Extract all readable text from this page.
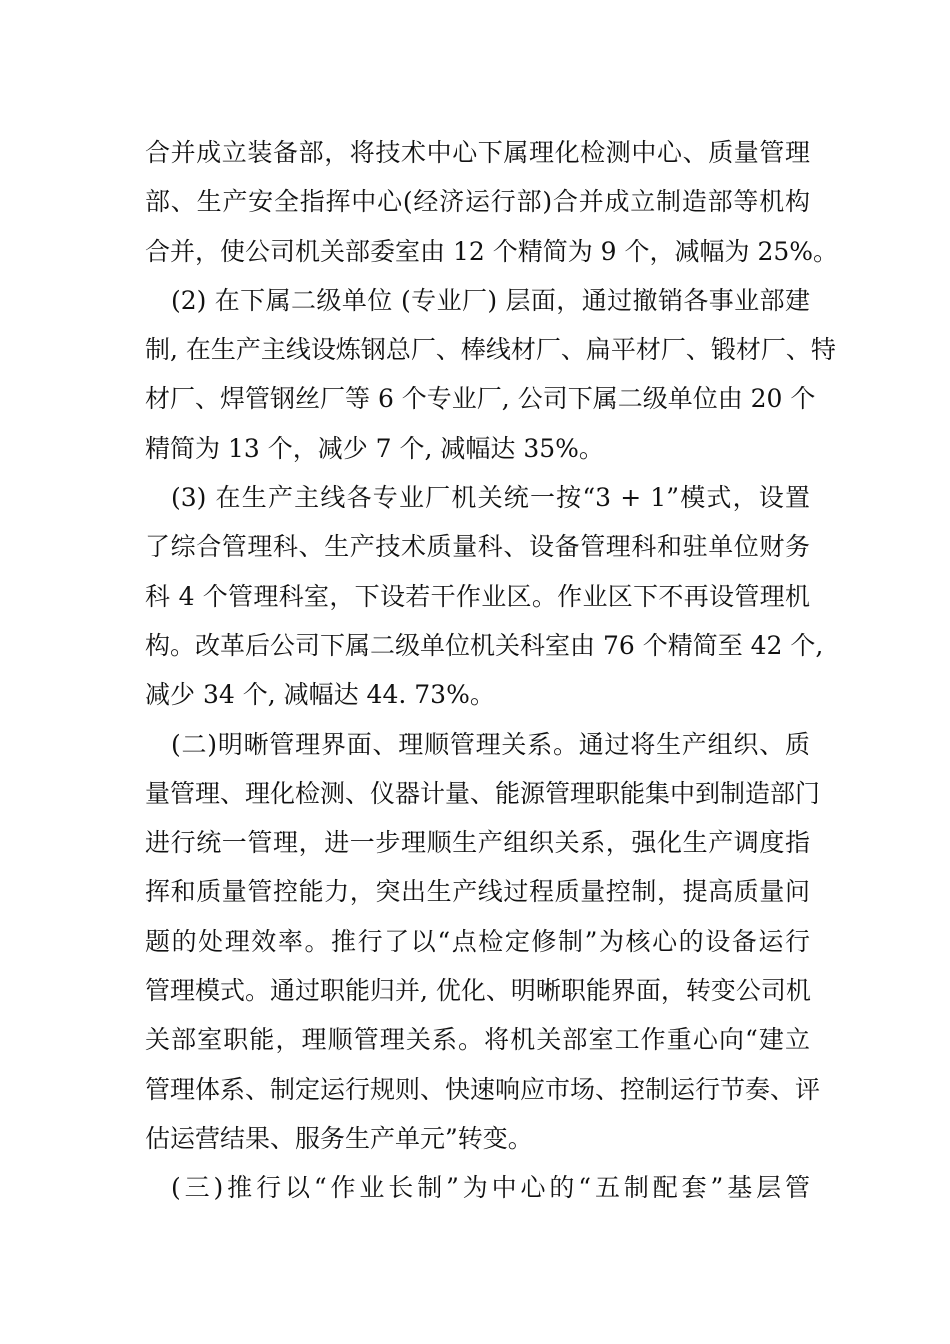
合并成立装备部，将技术中心下属理化检测中心、质量管理
部、生产安全指挥中心(经济运行部)合并成立制造部等机构
合并，使公司机关部委室由 12 个精简为 9 个，减幅为 25%。
(2) 在下属二级单位 (专业厂) 层面，通过撤销各事业部建
制, 在生产主线设炼钢总厂、棒线材厂、扁平材厂、锻材厂、特
材厂、焊管钢丝厂等 6 个专业厂, 公司下属二级单位由 20 个
精简为 13 个，减少 7 个, 减幅达 35%。
(3) 在生产主线各专业厂机关统一按“3 + 1”模式，设置
了综合管理科、生产技术质量科、设备管理科和驻单位财务
科 4 个管理科室，下设若干作业区。作业区下不再设管理机
构。改革后公司下属二级单位机关科室由 76 个精简至 42 个,
减少 34 个, 减幅达 44. 73%。
(二)明晰管理界面、理顺管理关系。通过将生产组织、质
量管理、理化检测、仪器计量、能源管理职能集中到制造部门
进行统一管理，进一步理顺生产组织关系，强化生产调度指
挥和质量管控能力，突出生产线过程质量控制，提高质量问
题的处理效率。推行了以“点检定修制”为核心的设备运行
管理模式。通过职能归并, 优化、明晰职能界面，转变公司机
关部室职能，理顺管理关系。将机关部室工作重心向“建立
管理体系、制定运行规则、快速响应市场、控制运行节奏、评
估运营结果、服务生产单元”转变。
(三)推行以“作业长制”为中心的“五制配套”基层管
